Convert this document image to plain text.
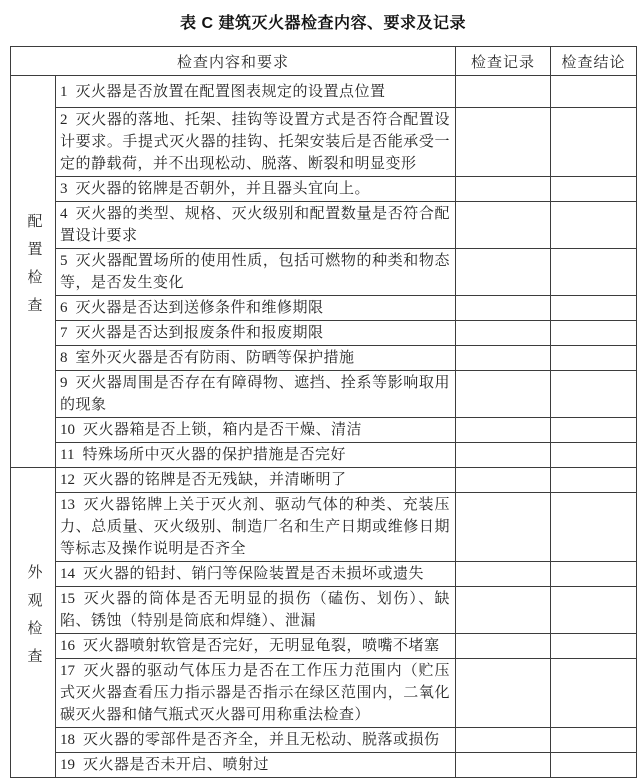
表 C 建筑灭火器检查内容、要求及记录
检查内容和要求		检查记录	检查结论
配置检查	1 灭火器是否放置在配置图表规定的设置点位置		
	2 灭火器的落地、托架、挂钩等设置方式是否符合配置设计要求。手提式灭火器的挂钩、托架安装后是否能承受一定的静载荷，并不出现松动、脱落、断裂和明显变形		
	3 灭火器的铭牌是否朝外，并且器头宜向上。		
	4 灭火器的类型、规格、灭火级别和配置数量是否符合配置设计要求		
	5 灭火器配置场所的使用性质，包括可燃物的种类和物态等，是否发生变化		
	6 灭火器是否达到送修条件和维修期限		
	7 灭火器是否达到报废条件和报废期限		
	8 室外灭火器是否有防雨、防晒等保护措施		
	9 灭火器周围是否存在有障碍物、遮挡、拴系等影响取用的现象		
	10 灭火器箱是否上锁，箱内是否干燥、清洁		
	11 特殊场所中灭火器的保护措施是否完好		
外观检查	12 灭火器的铭牌是否无残缺，并清晰明了		
	13 灭火器铭牌上关于灭火剂、驱动气体的种类、充装压力、总质量、灭火级别、制造厂名和生产日期或维修日期等标志及操作说明是否齐全		
	14 灭火器的铅封、销闩等保险装置是否未损坏或遗失		
	15 灭火器的筒体是否无明显的损伤（磕伤、划伤）、缺陷、锈蚀（特别是筒底和焊缝）、泄漏		
	16 灭火器喷射软管是否完好，无明显龟裂，喷嘴不堵塞		
	17 灭火器的驱动气体压力是否在工作压力范围内（贮压式灭火器查看压力指示器是否指示在绿区范围内，二氧化碳灭火器和储气瓶式灭火器可用称重法检查）		
	18 灭火器的零部件是否齐全，并且无松动、脱落或损伤		
	19 灭火器是否未开启、喷射过		
